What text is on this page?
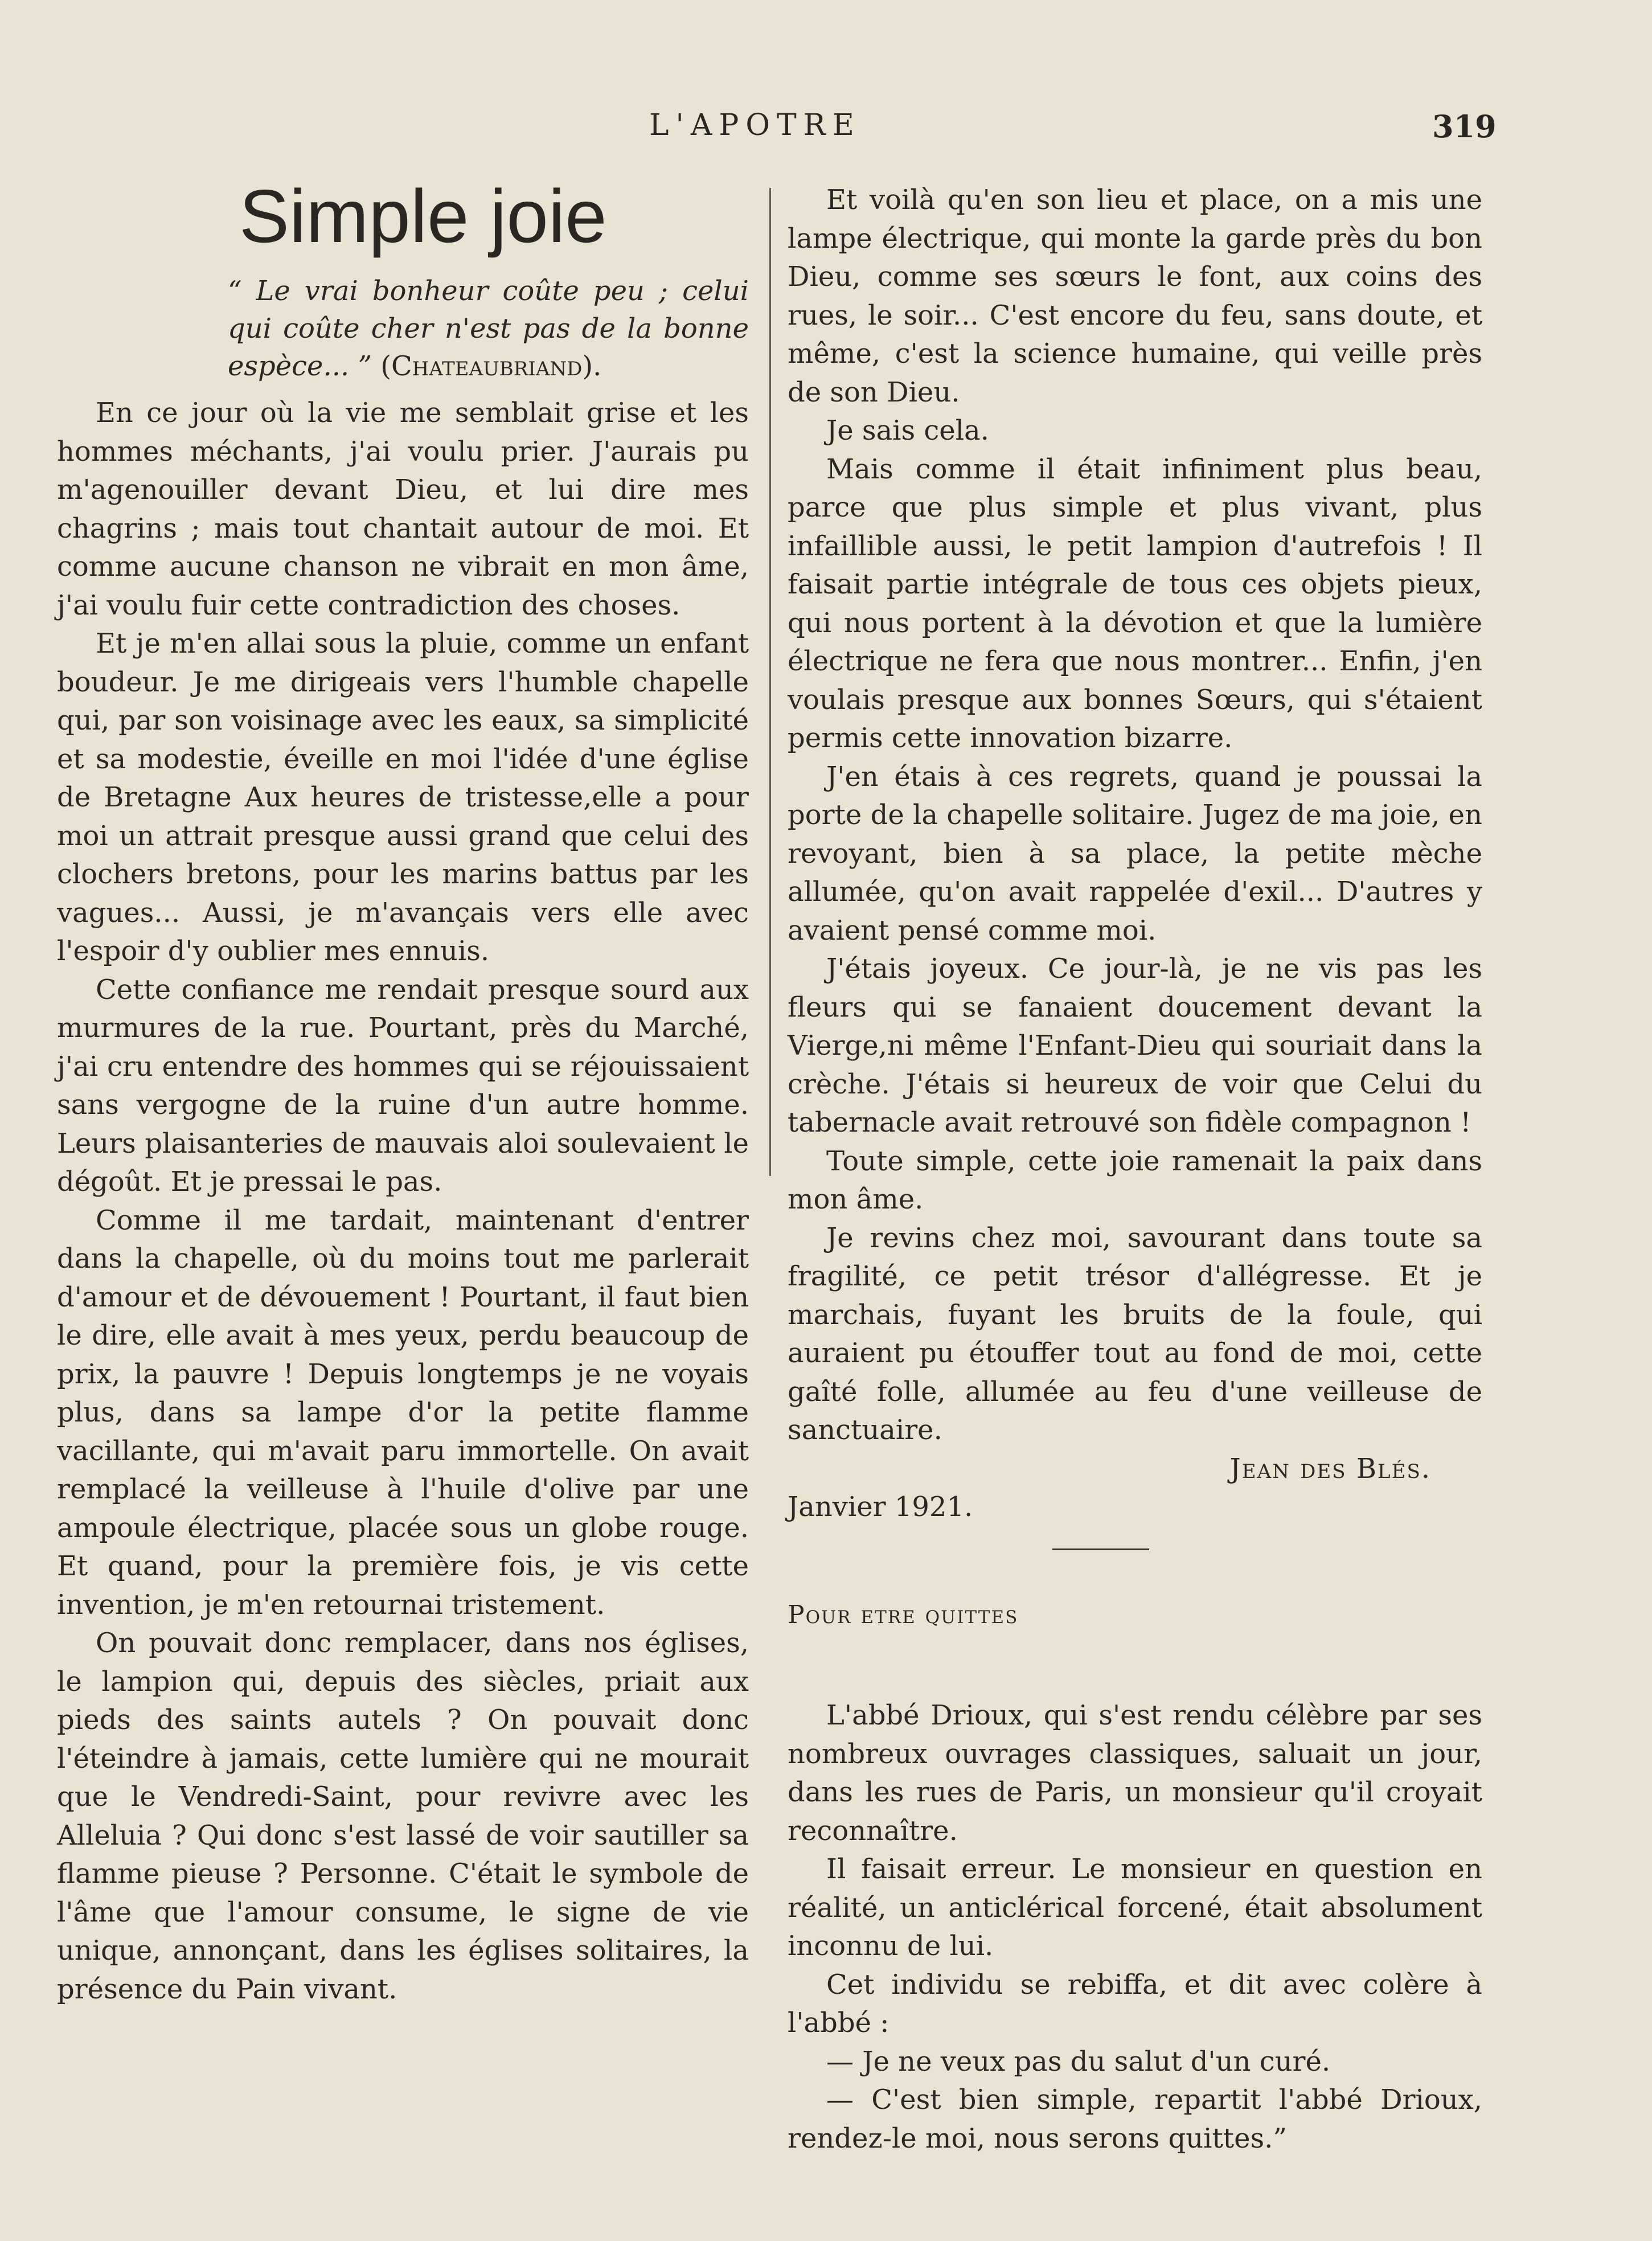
L'APOTRE	319
Simple joie

“ Le vrai bonheur coûte peu ; celui qui coûte cher n'est pas de la bonne espèce... ” (Chateaubriand).

En ce jour où la vie me semblait grise et les hommes méchants, j'ai voulu prier. J'aurais pu m'agenouiller devant Dieu, et lui dire mes chagrins ; mais tout chantait autour de moi. Et comme aucune chanson ne vibrait en mon âme, j'ai voulu fuir cette contradiction des choses.

Et je m'en allai sous la pluie, comme un enfant boudeur. Je me dirigeais vers l'humble chapelle qui, par son voisinage avec les eaux, sa simplicité et sa modestie, éveille en moi l'idée d'une église de Bretagne Aux heures de tristesse,elle a pour moi un attrait presque aussi grand que celui des clochers bretons, pour les marins battus par les vagues... Aussi, je m'avançais vers elle avec l'espoir d'y oublier mes ennuis.

Cette confiance me rendait presque sourd aux murmures de la rue. Pourtant, près du Marché, j'ai cru entendre des hommes qui se réjouissaient sans vergogne de la ruine d'un autre homme. Leurs plaisanteries de mauvais aloi soulevaient le dégoût. Et je pressai le pas.

Comme il me tardait, maintenant d'entrer dans la chapelle, où du moins tout me parlerait d'amour et de dévouement ! Pourtant, il faut bien le dire, elle avait à mes yeux, perdu beaucoup de prix, la pauvre ! Depuis longtemps je ne voyais plus, dans sa lampe d'or la petite flamme vacillante, qui m'avait paru immortelle. On avait remplacé la veilleuse à l'huile d'olive par une ampoule électrique, placée sous un globe rouge. Et quand, pour la première fois, je vis cette invention, je m'en retournai tristement.

On pouvait donc remplacer, dans nos églises, le lampion qui, depuis des siècles, priait aux pieds des saints autels ? On pouvait donc l'éteindre à jamais, cette lumière qui ne mourait que le Vendredi-Saint, pour revivre avec les Alleluia ? Qui donc s'est lassé de voir sautiller sa flamme pieuse ? Personne. C'était le symbole de l'âme que l'amour consume, le signe de vie unique, annonçant, dans les églises solitaires, la présence du Pain vivant.

Et voilà qu'en son lieu et place, on a mis une lampe électrique, qui monte la garde près du bon Dieu, comme ses sœurs le font, aux coins des rues, le soir... C'est encore du feu, sans doute, et même, c'est la science humaine, qui veille près de son Dieu.

Je sais cela.

Mais comme il était infiniment plus beau, parce que plus simple et plus vivant, plus infaillible aussi, le petit lampion d'autrefois ! Il faisait partie intégrale de tous ces objets pieux, qui nous portent à la dévotion et que la lumière électrique ne fera que nous montrer... Enfin, j'en voulais presque aux bonnes Sœurs, qui s'étaient permis cette innovation bizarre.

J'en étais à ces regrets, quand je poussai la porte de la chapelle solitaire. Jugez de ma joie, en revoyant, bien à sa place, la petite mèche allumée, qu'on avait rappelée d'exil... D'autres y avaient pensé comme moi.

J'étais joyeux. Ce jour-là, je ne vis pas les fleurs qui se fanaient doucement devant la Vierge,ni même l'Enfant-Dieu qui souriait dans la crèche. J'étais si heureux de voir que Celui du tabernacle avait retrouvé son fidèle compagnon !

Toute simple, cette joie ramenait la paix dans mon âme.

Je revins chez moi, savourant dans toute sa fragilité, ce petit trésor d'allégresse. Et je marchais, fuyant les bruits de la foule, qui auraient pu étouffer tout au fond de moi, cette gaîté folle, allumée au feu d'une veilleuse de sanctuaire.

Jean des Blés.

Janvier 1921.

Pour etre quittes

L'abbé Drioux, qui s'est rendu célèbre par ses nombreux ouvrages classiques, saluait un jour, dans les rues de Paris, un monsieur qu'il croyait reconnaître.

Il faisait erreur. Le monsieur en question en réalité, un anticlérical forcené, était absolument inconnu de lui.

Cet individu se rebiffa, et dit avec colère à l'abbé :

— Je ne veux pas du salut d'un curé.

— C'est bien simple, repartit l'abbé Drioux, rendez-le moi, nous serons quittes.”
